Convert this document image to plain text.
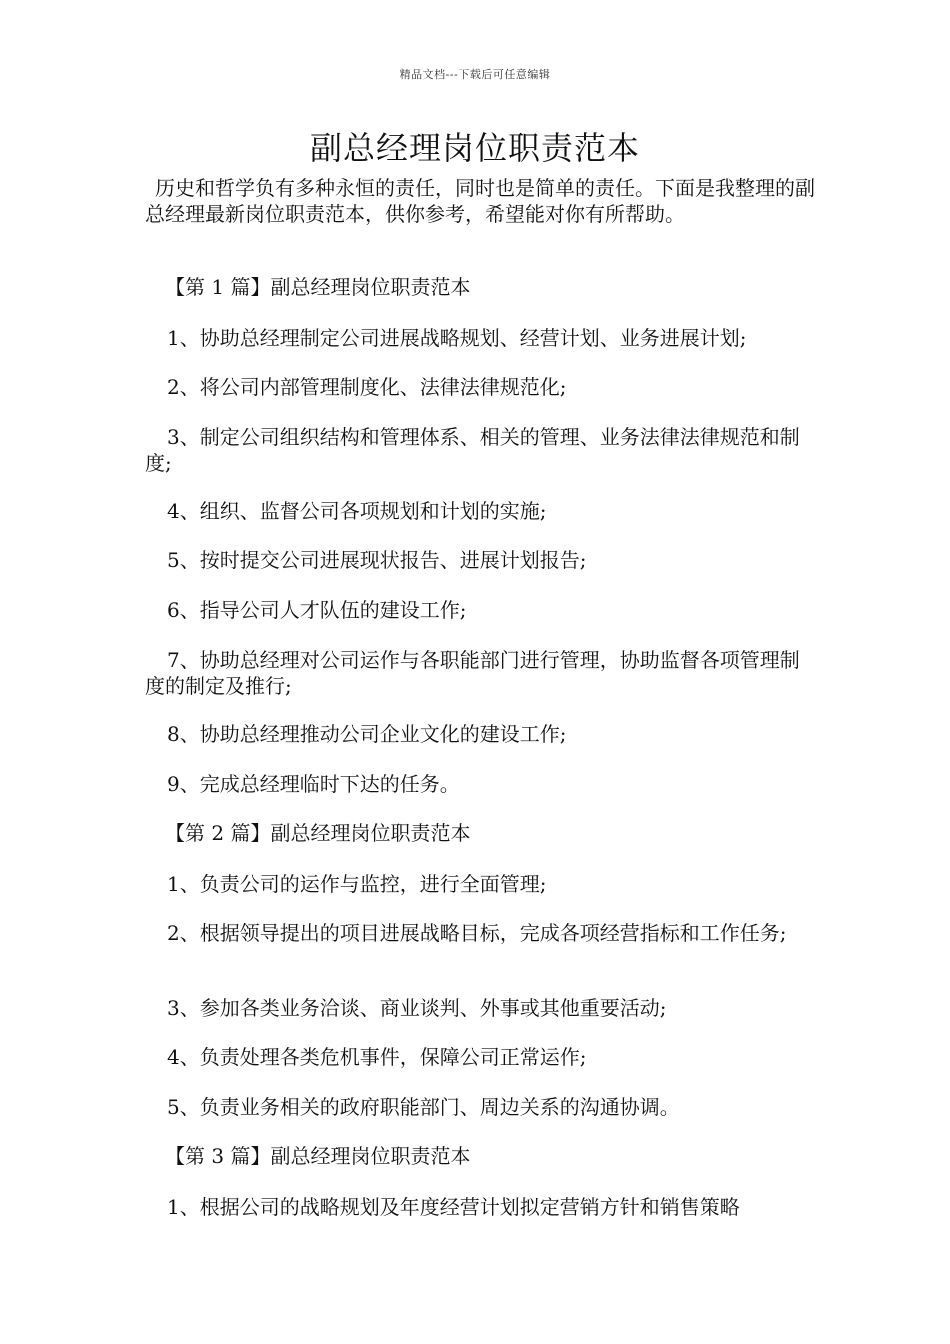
精品文档---下载后可任意编辑
副总经理岗位职责范本

历史和哲学负有多种永恒的责任，同时也是简单的责任。下面是我整理的副总经理最新岗位职责范本，供你参考，希望能对你有所帮助。

【第 1 篇】副总经理岗位职责范本

1、协助总经理制定公司进展战略规划、经营计划、业务进展计划;

2、将公司内部管理制度化、法律法律规范化;

3、制定公司组织结构和管理体系、相关的管理、业务法律法律规范和制度;

4、组织、监督公司各项规划和计划的实施;

5、按时提交公司进展现状报告、进展计划报告;

6、指导公司人才队伍的建设工作;

7、协助总经理对公司运作与各职能部门进行管理，协助监督各项管理制度的制定及推行;

8、协助总经理推动公司企业文化的建设工作;

9、完成总经理临时下达的任务。

【第 2 篇】副总经理岗位职责范本

1、负责公司的运作与监控，进行全面管理;

2、根据领导提出的项目进展战略目标，完成各项经营指标和工作任务;

3、参加各类业务洽谈、商业谈判、外事或其他重要活动;

4、负责处理各类危机事件，保障公司正常运作;

5、负责业务相关的政府职能部门、周边关系的沟通协调。

【第 3 篇】副总经理岗位职责范本

1、根据公司的战略规划及年度经营计划拟定营销方针和销售策略
